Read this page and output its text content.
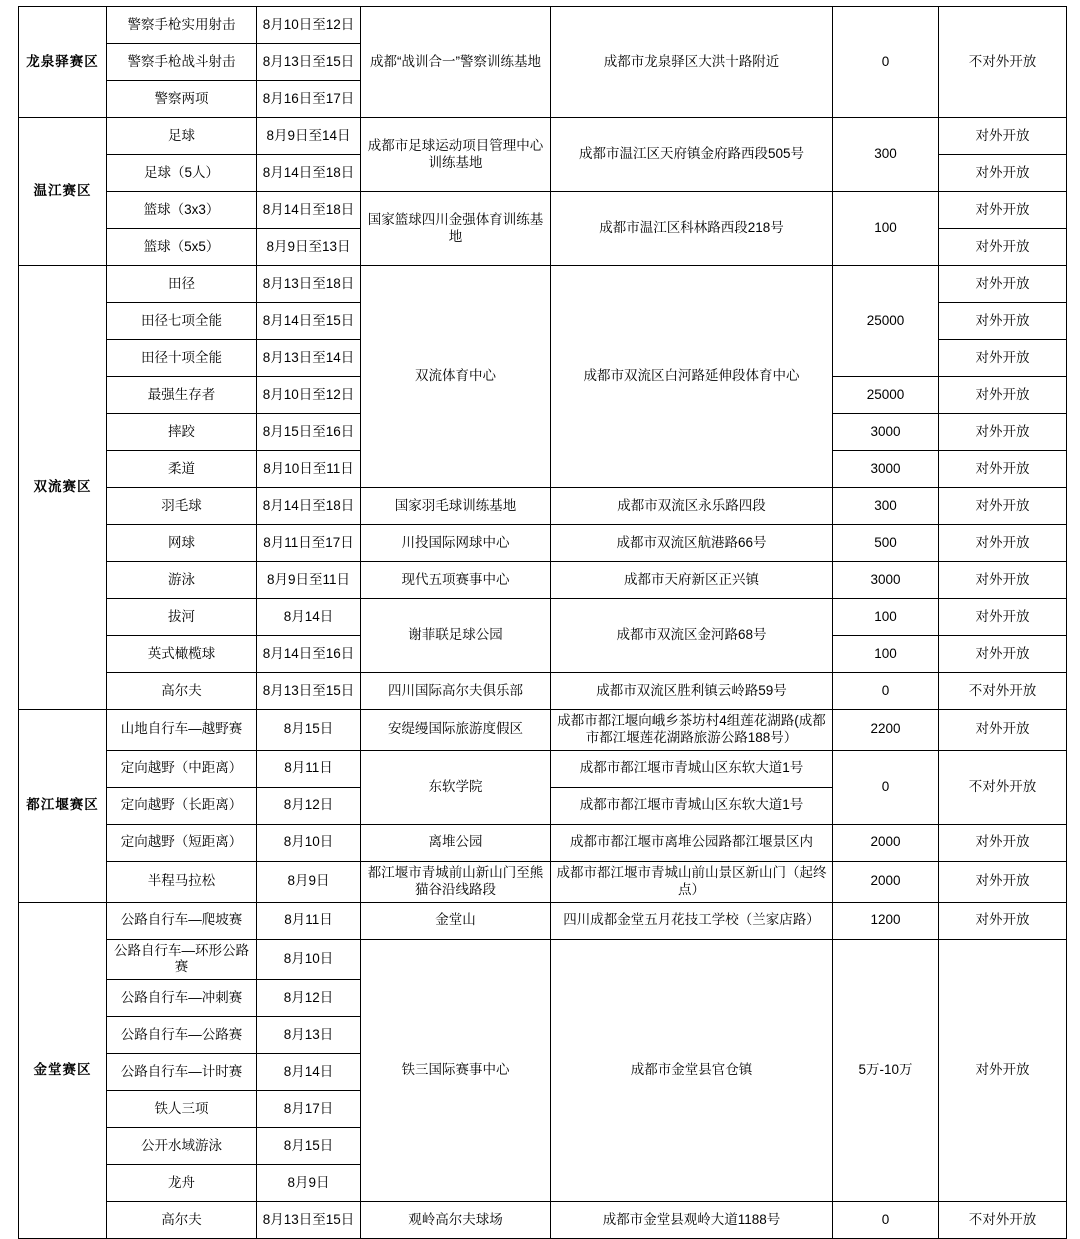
龙泉驿赛区	警察手枪实用射击	8月10日至12日	成都“战训合一”警察训练基地	成都市龙泉驿区大洪十路附近	0	不对外开放
	警察手枪战斗射击	8月13日至15日				
	警察两项	8月16日至17日				
温江赛区	足球	8月9日至14日	成都市足球运动项目管理中心训练基地	成都市温江区天府镇金府路西段505号	300	对外开放
	足球（5人）	8月14日至18日				对外开放
	篮球（3x3）	8月14日至18日	国家篮球四川金强体育训练基地	成都市温江区科林路西段218号	100	对外开放
	篮球（5x5）	8月9日至13日				对外开放
双流赛区	田径	8月13日至18日	双流体育中心	成都市双流区白河路延伸段体育中心	25000	对外开放
	田径七项全能	8月14日至15日				对外开放
	田径十项全能	8月13日至14日				对外开放
	最强生存者	8月10日至12日			25000	对外开放
	摔跤	8月15日至16日			3000	对外开放
	柔道	8月10日至11日			3000	对外开放
	羽毛球	8月14日至18日	国家羽毛球训练基地	成都市双流区永乐路四段	300	对外开放
	网球	8月11日至17日	川投国际网球中心	成都市双流区航港路66号	500	对外开放
	游泳	8月9日至11日	现代五项赛事中心	成都市天府新区正兴镇	3000	对外开放
	拔河	8月14日	谢菲联足球公园	成都市双流区金河路68号	100	对外开放
	英式橄榄球	8月14日至16日			100	对外开放
	高尔夫	8月13日至15日	四川国际高尔夫俱乐部	成都市双流区胜利镇云岭路59号	0	不对外开放
都江堰赛区	山地自行车—越野赛	8月15日	安缇缦国际旅游度假区	成都市都江堰向峨乡茶坊村4组莲花湖路(成都市都江堰莲花湖路旅游公路188号）	2200	对外开放
	定向越野（中距离）	8月11日	东软学院	成都市都江堰市青城山区东软大道1号	0	不对外开放
	定向越野（长距离）	8月12日		成都市都江堰市青城山区东软大道1号		
	定向越野（短距离）	8月10日	离堆公园	成都市都江堰市离堆公园路都江堰景区内	2000	对外开放
	半程马拉松	8月9日	都江堰市青城前山新山门至熊猫谷沿线路段	成都市都江堰市青城山前山景区新山门（起终点）	2000	对外开放
金堂赛区	公路自行车—爬坡赛	8月11日	金堂山	四川成都金堂五月花技工学校（兰家店路）	1200	对外开放
	公路自行车—环形公路赛	8月10日	铁三国际赛事中心	成都市金堂县官仓镇	5万-10万	对外开放
	公路自行车—冲刺赛	8月12日				
	公路自行车—公路赛	8月13日				
	公路自行车—计时赛	8月14日				
	铁人三项	8月17日				
	公开水域游泳	8月15日				
	龙舟	8月9日				
	高尔夫	8月13日至15日	观岭高尔夫球场	成都市金堂县观岭大道1188号	0	不对外开放
